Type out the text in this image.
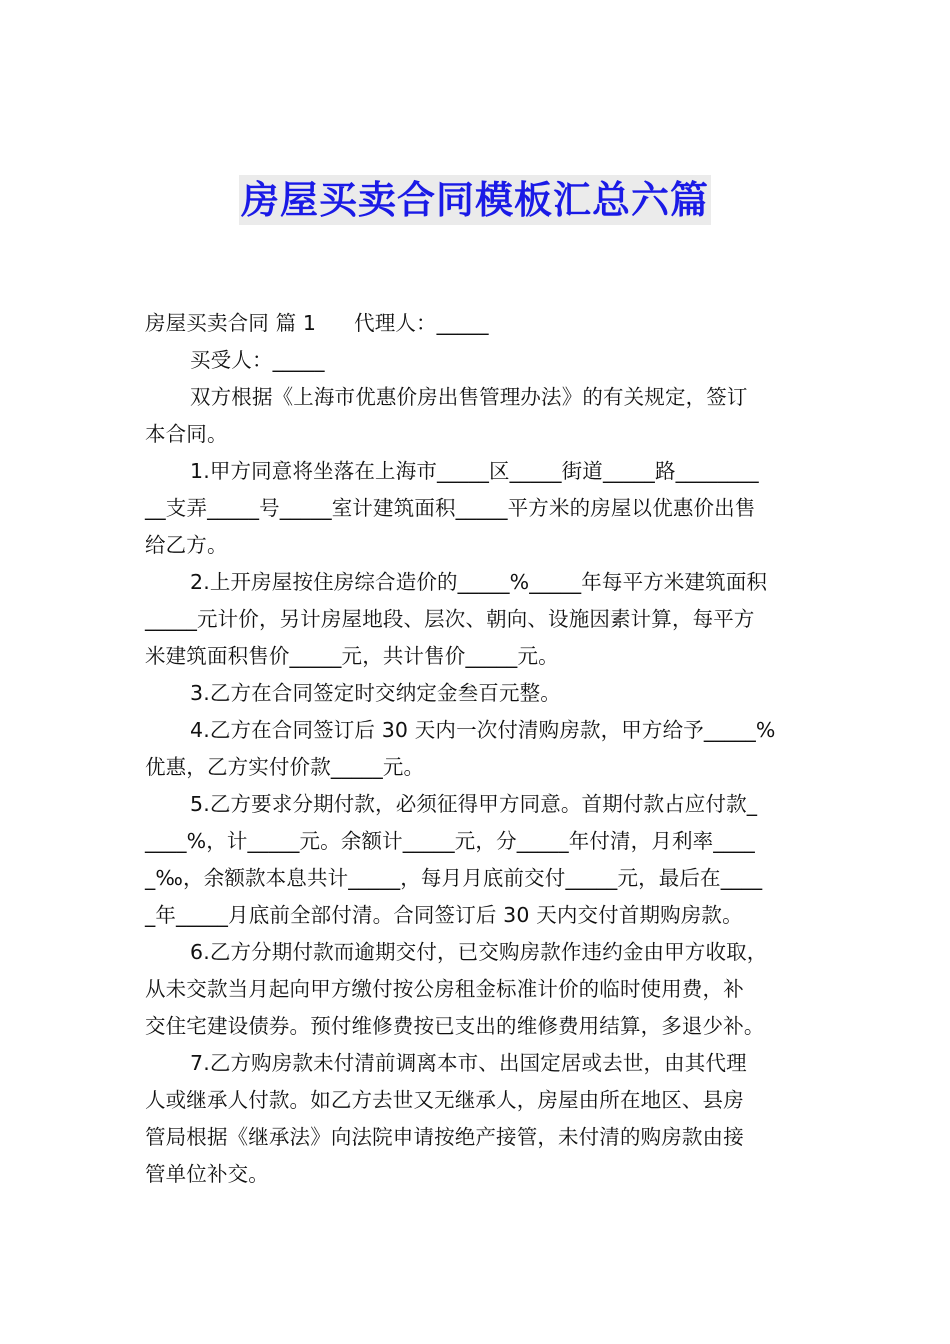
房屋买卖合同模板汇总六篇
房屋买卖合同 篇 1 代理人：_____
买受人：_____
双方根据《上海市优惠价房出售管理办法》的有关规定，签订
本合同。
1.甲方同意将坐落在上海市_____区_____街道_____路________
__支弄_____号_____室计建筑面积_____平方米的房屋以优惠价出售
给乙方。
2.上开房屋按住房综合造价的_____%_____年每平方米建筑面积
_____元计价，另计房屋地段、层次、朝向、设施因素计算，每平方
米建筑面积售价_____元，共计售价_____元。
3.乙方在合同签定时交纳定金叁百元整。
4.乙方在合同签订后 30 天内一次付清购房款，甲方给予_____%
优惠，乙方实付价款_____元。
5.乙方要求分期付款，必须征得甲方同意。首期付款占应付款_
____%，计_____元。余额计_____元，分_____年付清，月利率____
_‰，余额款本息共计_____，每月月底前交付_____元，最后在____
_年_____月底前全部付清。合同签订后 30 天内交付首期购房款。
6.乙方分期付款而逾期交付，已交购房款作违约金由甲方收取，
从未交款当月起向甲方缴付按公房租金标准计价的临时使用费，补
交住宅建设债券。预付维修费按已支出的维修费用结算，多退少补。
7.乙方购房款未付清前调离本市、出国定居或去世，由其代理
人或继承人付款。如乙方去世又无继承人，房屋由所在地区、县房
管局根据《继承法》向法院申请按绝产接管，未付清的购房款由接
管单位补交。
